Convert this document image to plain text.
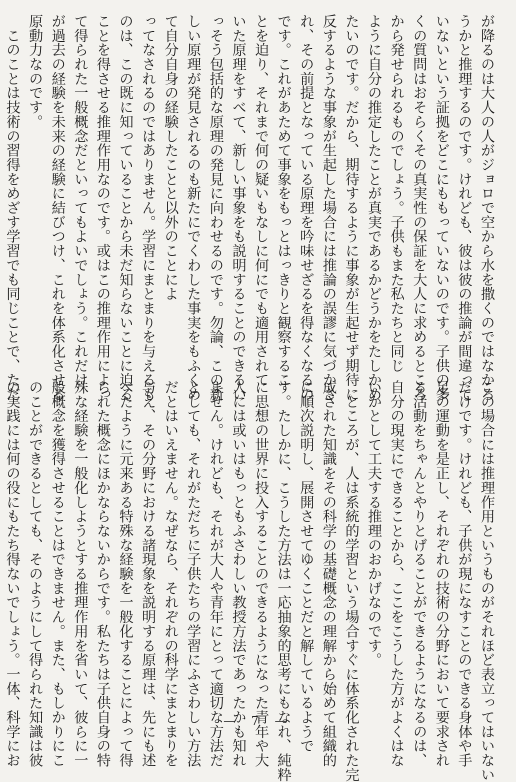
が降るのは大人の人がジョロで空から水を撒くのではなかろ

うかと推理するのです。けれども、彼は彼の推論が間違って

いないという証拠をどこにももっていないのです。子供の多

くの質問はおそらくその真実性の保証を大人に求めるところ

から発せられるものでしょう。子供もまた私たちと同じ

ように自分の推定したことが真実であるかどうかをたしかめ

たいのです。だから、期待するように事象が生起せず期待に

反するような事象が生起した場合には推論の誤謬に気づかさ

れ、その前提となっている原理を吟味せざるを得なくなるの

です。これがあためて事象をもっとはっきりと観察するこ

とを迫り、それまで何の疑いもなしに何にでも適用されて

いた原理をすべて、新しい事象をも説明することのできるい

っそう包括的な原理の発見に向わせるのです。勿論、この新

しい原理が発見されるのも新たにでくわした事実をもふくめ

て自分自身の経験したことと以外のことによ

ってなされるのではありません。学習にまとまりを与えるも

のは、この既に知っていることから未だ知らないことに迫る

ことを得させる推理作用なのです。或はこの推理作用によっ

て得られた一般概念だといってもよいでしょう。これだけ

が過去の経験を未来の経験に結びつけ、これを体系化させる

原動力なのです。

　このことは技術の習得をめざす学習でも同じことで、ただ

この場合には推理作用というものがそれほど表立ってはいない

だけです。けれども、子供が現になすことのできる身体や手

足の運動を是正し、それぞれの技術の分野において要求され

る活動をちゃんとやりとげることができるようになるのは、

自分の現実にできることから、ここをこうした方がよくはな

いかとして工夫する推理のおかげなのです。

　ところが、人は系統的学習という場合すぐに体系化された完

成された知識をその科学の基礎概念の理解から始めて組織的

に順次説明し、展開させてゆくことだと解しているようで

す。たしかに、こうした方法は一応抽象的思考にもなれ、純粋

に思想の世界に投入することのできるようになった青年や大

人には或いはもっともふさわしい教授方法であったかも知れ

ません。けれども、それが大人や青年にとって適切な方法だ

としても、それがただちに子供たちの学習にふさわしい方法

だとはいえません。なぜなら、それぞれの科学にまとまりを

与え、その分野における諸現象を説明する原理は、先にも述

べたように元来ある特殊な経験を一般化することによって得

られた概念にほかならないからです。私たちは子供自身の特

殊な経験を一般化しようとする推理作用を省いて、彼らに一

般概念を獲得させることはできません。また、もしかりにこ

のことができるとしても、そのようにして得られた知識は彼

の実践には何の役にもたち得ないでしょう。一体、科学にお	— 7 —
